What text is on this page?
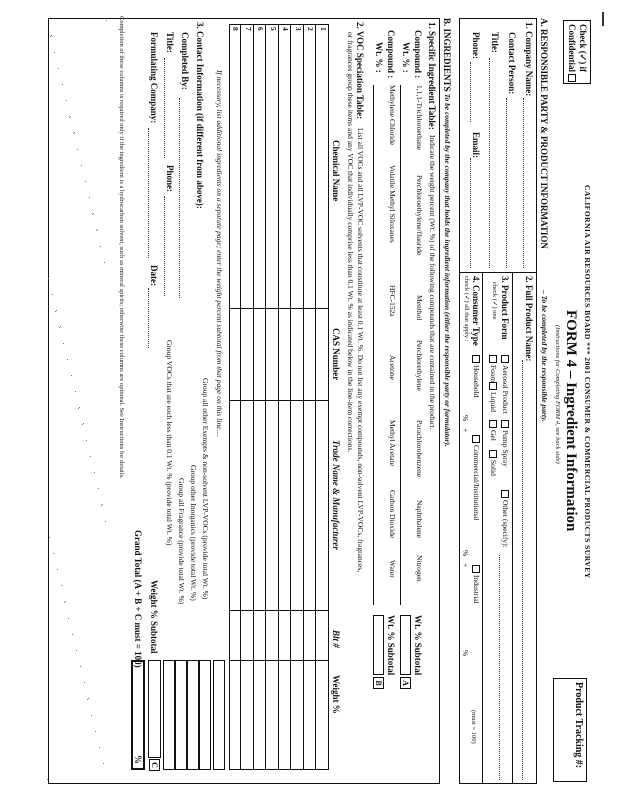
Check (✓) if
Confidential
CALIFORNIA AIR RESOURCES BOARD *** 2001 CONSUMER & COMMERCIAL PRODUCTS SURVEY
FORM 4 – Ingredient Information
(Instructions for Completing FORM 4, see back side)
Product Tracking #:
A. RESPONSIBLE PARTY & PRODUCT INFORMATION
– To be completed by the responsible party.
1. Company Name:
Contact Person:
Title:
Phone:
Email:
2. Full Product Name:
3. Product Form
check (✓) one
Aerosol Product
Pump Spray
Other (specify):
Foam
Gel
Liquid
Solid
4. Consumer Type
check (✓) all that apply :
Household
Commercial/Institutional
Industrial
%
+
%
+
%
(must = 100)
B. INGREDIENTS
– To be completed by the company that holds the ingredient information (either the responsible party or formulator).
1. Specific Ingredient Table:
Indicate the weight percent (Wt. %) of the following compounds that are contained in the product.
Compound :
Wt. % :
Compound :
Wt. % :
1,1,1-Trichloroethane
Perchloroethylene/fluoride
Menthol
Perchlorethylene
Parachlorobenzene
Naphthalene
Nitrogen
Methylene Chloride
Volatile Methyl Siloxanes
HFC-152a
Acetone
Methyl Acetate
Carbon Dioxide
Water
Wt. % Subtotal
A
Wt. % Subtotal
B
2. VOC Speciation Table:
List all VOCs and all LVP-VOC solvents that constitute at least 0.1 Wt. %. Do not list any exempt compounds, non-solvent LVP-VOCs, fragrances,
or fragrances group these items and any VOC that individually comprise less than 0.1 Wt. % as indicated below in the line-item corrections.
Chemical Name
CAS Number
Trade Name & Manufacturer
Blt #
Weight %
1
2
3
4
5
6
7
8
If necessary, list additional ingredients on a separate page; enter the weight percent subtotal from that page on this line....
Group all other Exempts & non-solvent LVP-VOCs (provide total Wt. %)
Group other Inorganics (provide total Wt. %)
Group all Fragrance (provide total Wt. %)
Group VOCs that are each less than 0.1 Wt. % (provide total Wt. %)
Weight % Subtotal
C
3. Contact Information (if different from above):
Completed By:
Title:
Phone:
Formulating Company:
Date:
Grand Total (A + B + C must = 100)
%
Completion of these columns is required only if the ingredient is a hydrocarbon solvent, such as mineral spirits; otherwise these columns are optional. See Instructions for details.
